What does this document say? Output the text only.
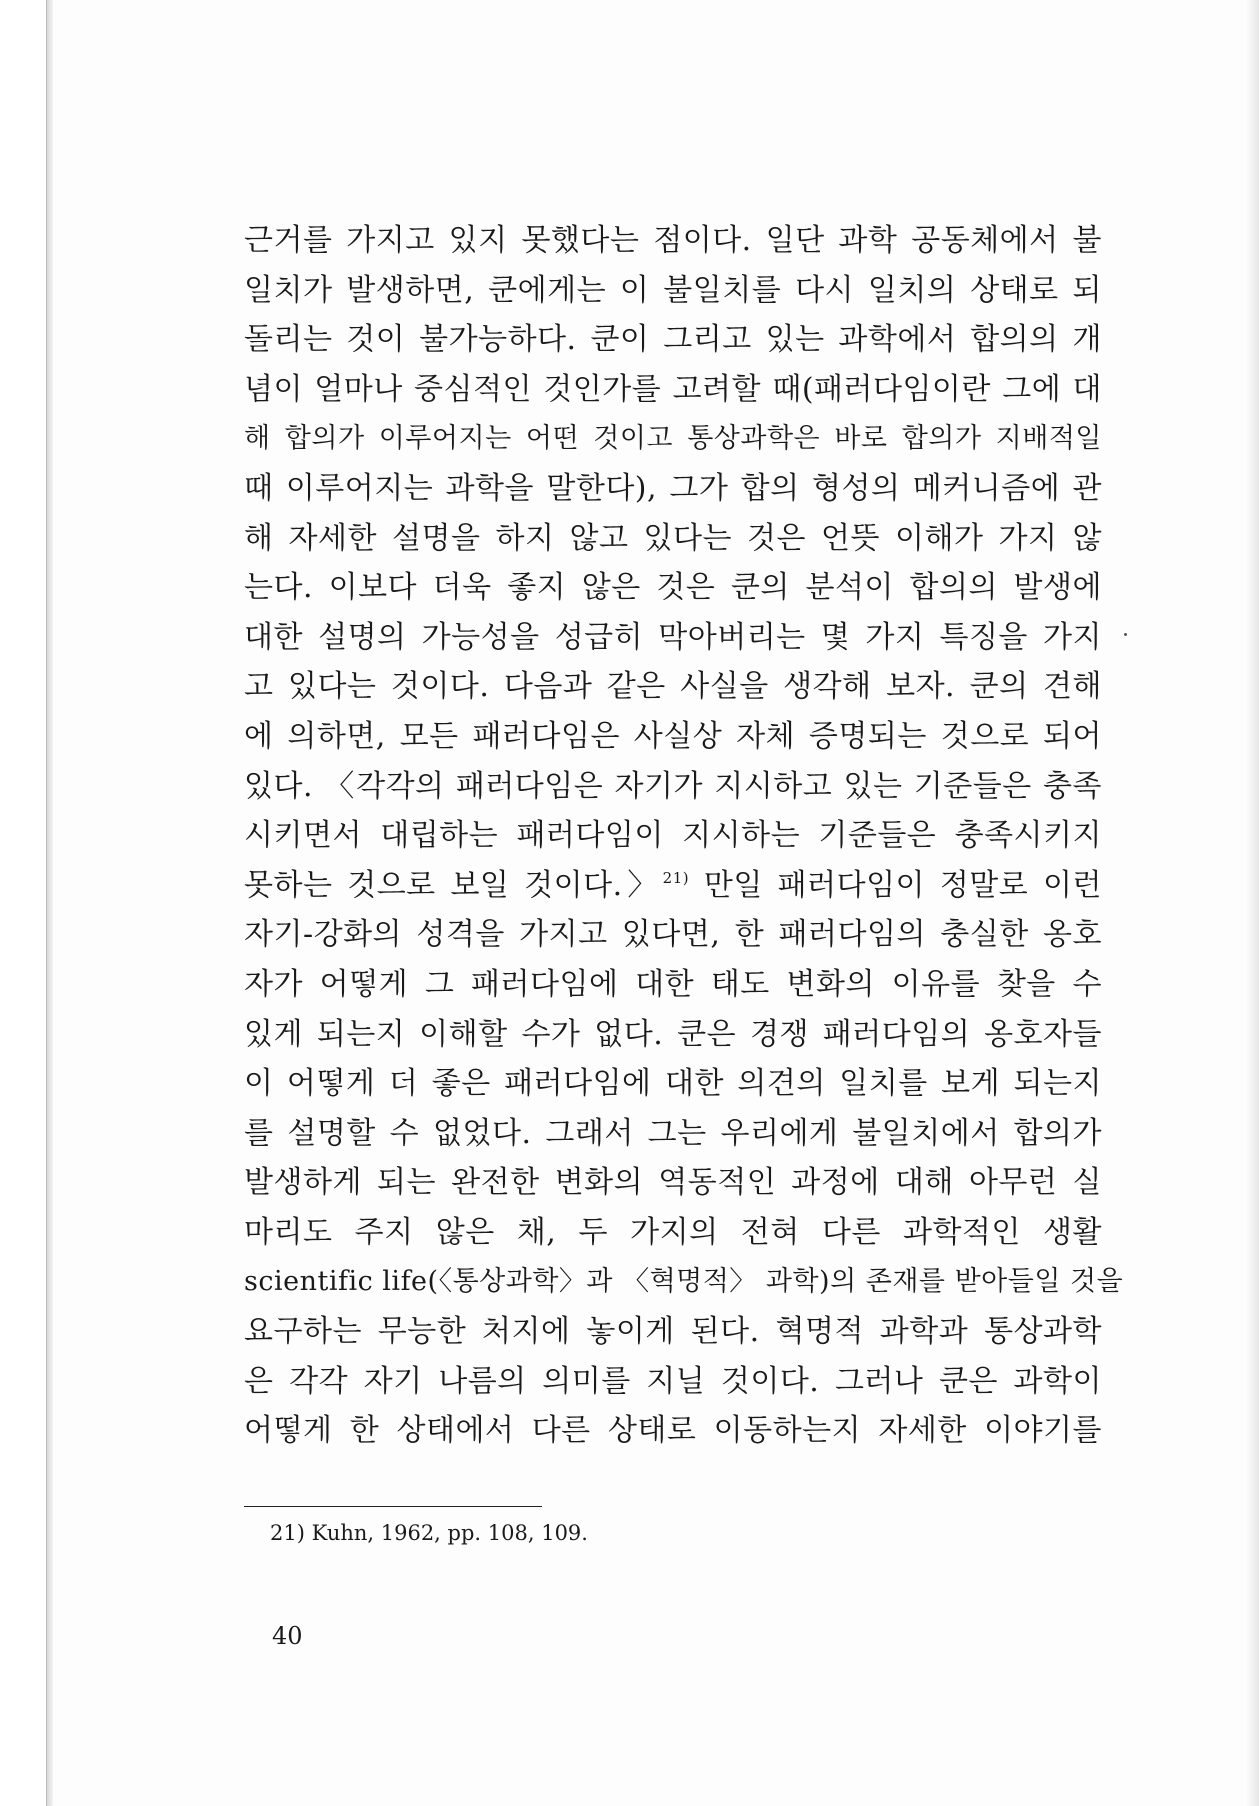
근거를 가지고 있지 못했다는 점이다. 일단 과학 공동체에서 불
일치가 발생하면, 쿤에게는 이 불일치를 다시 일치의 상태로 되
돌리는 것이 불가능하다. 쿤이 그리고 있는 과학에서 합의의 개
념이 얼마나 중심적인 것인가를 고려할 때(패러다임이란 그에 대
해 합의가 이루어지는 어떤 것이고 통상과학은 바로 합의가 지배적일
때 이루어지는 과학을 말한다), 그가 합의 형성의 메커니즘에 관
해 자세한 설명을 하지 않고 있다는 것은 언뜻 이해가 가지 않
는다. 이보다 더욱 좋지 않은 것은 쿤의 분석이 합의의 발생에
대한 설명의 가능성을 성급히 막아버리는 몇 가지 특징을 가지
고 있다는 것이다. 다음과 같은 사실을 생각해 보자. 쿤의 견해
에 의하면, 모든 패러다임은 사실상 자체 증명되는 것으로 되어
있다. 〈각각의 패러다임은 자기가 지시하고 있는 기준들은 충족
시키면서 대립하는 패러다임이 지시하는 기준들은 충족시키지
못하는 것으로 보일 것이다.〉$^{21)}$ 만일 패러다임이 정말로 이런
자기-강화의 성격을 가지고 있다면, 한 패러다임의 충실한 옹호
자가 어떻게 그 패러다임에 대한 태도 변화의 이유를 찾을 수
있게 되는지 이해할 수가 없다. 쿤은 경쟁 패러다임의 옹호자들
이 어떻게 더 좋은 패러다임에 대한 의견의 일치를 보게 되는지
를 설명할 수 없었다. 그래서 그는 우리에게 불일치에서 합의가
발생하게 되는 완전한 변화의 역동적인 과정에 대해 아무런 실
마리도 주지 않은 채, 두 가지의 전혀 다른 과학적인 생활
scientific life(〈통상과학〉과 〈혁명적〉 과학)의 존재를 받아들일 것을
요구하는 무능한 처지에 놓이게 된다. 혁명적 과학과 통상과학
은 각각 자기 나름의 의미를 지닐 것이다. 그러나 쿤은 과학이
어떻게 한 상태에서 다른 상태로 이동하는지 자세한 이야기를
21) Kuhn, 1962, pp. 108, 109.
40
